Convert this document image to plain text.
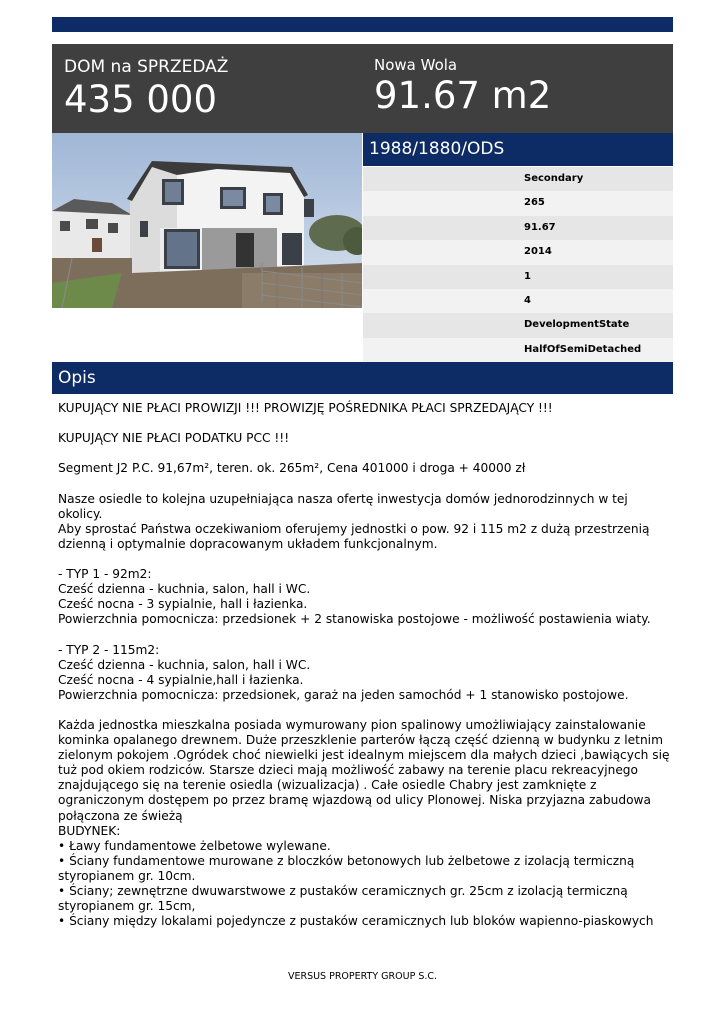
DOM na SPRZEDAŻ
435 000
Nowa Wola
91.67 m2
1988/1880/ODS
Secondary
265
91.67
2014
1
4
DevelopmentState
HalfOfSemiDetached
Opis
KUPUJĄCY NIE PŁACI PROWIZJI !!! PROWIZJĘ POŚREDNIKA PŁACI SPRZEDAJĄCY !!!

KUPUJĄCY NIE PŁACI PODATKU PCC !!!

Segment J2 P.C. 91,67m², teren. ok. 265m², Cena 401000 i droga + 40000 zł

Nasze osiedle to kolejna uzupełniająca nasza ofertę inwestycja domów jednorodzinnych w tej okolicy.
Aby sprostać Państwa oczekiwaniom oferujemy jednostki o pow. 92 i 115 m2 z dużą przestrzenią dzienną i optymalnie dopracowanym układem funkcjonalnym.

- TYP 1 - 92m2:
Cześć dzienna - kuchnia, salon, hall i WC.
Cześć nocna - 3 sypialnie, hall i łazienka.
Powierzchnia pomocnicza: przedsionek + 2 stanowiska postojowe - możliwość postawienia wiaty.

- TYP 2 - 115m2:
Cześć dzienna - kuchnia, salon, hall i WC.
Cześć nocna - 4 sypialnie,hall i łazienka.
Powierzchnia pomocnicza: przedsionek, garaż na jeden samochód + 1 stanowisko postojowe.

Każda jednostka mieszkalna posiada wymurowany pion spalinowy umożliwiający zainstalowanie kominka opalanego drewnem. Duże przeszklenie parterów łączą część dzienną w budynku z letnim zielonym pokojem .Ogródek choć niewielki jest idealnym miejscem dla małych dzieci ,bawiących się tuż pod okiem rodziców. Starsze dzieci mają możliwość zabawy na terenie placu rekreacyjnego znajdującego się na terenie osiedla (wizualizacja) . Całe osiedle Chabry jest zamknięte z ograniczonym dostępem po przez bramę wjazdową od ulicy Plonowej. Niska przyjazna zabudowa połączona ze świeżą
BUDYNEK:
• Ławy fundamentowe żelbetowe wylewane.
• Ściany fundamentowe murowane z bloczków betonowych lub żelbetowe z izolacją termiczną styropianem gr. 10cm.
• Ściany; zewnętrzne dwuwarstwowe z pustaków ceramicznych gr. 25cm z izolacją termiczną styropianem gr. 15cm,
• Ściany między lokalami pojedyncze z pustaków ceramicznych lub bloków wapienno-piaskowych
VERSUS PROPERTY GROUP S.C.
